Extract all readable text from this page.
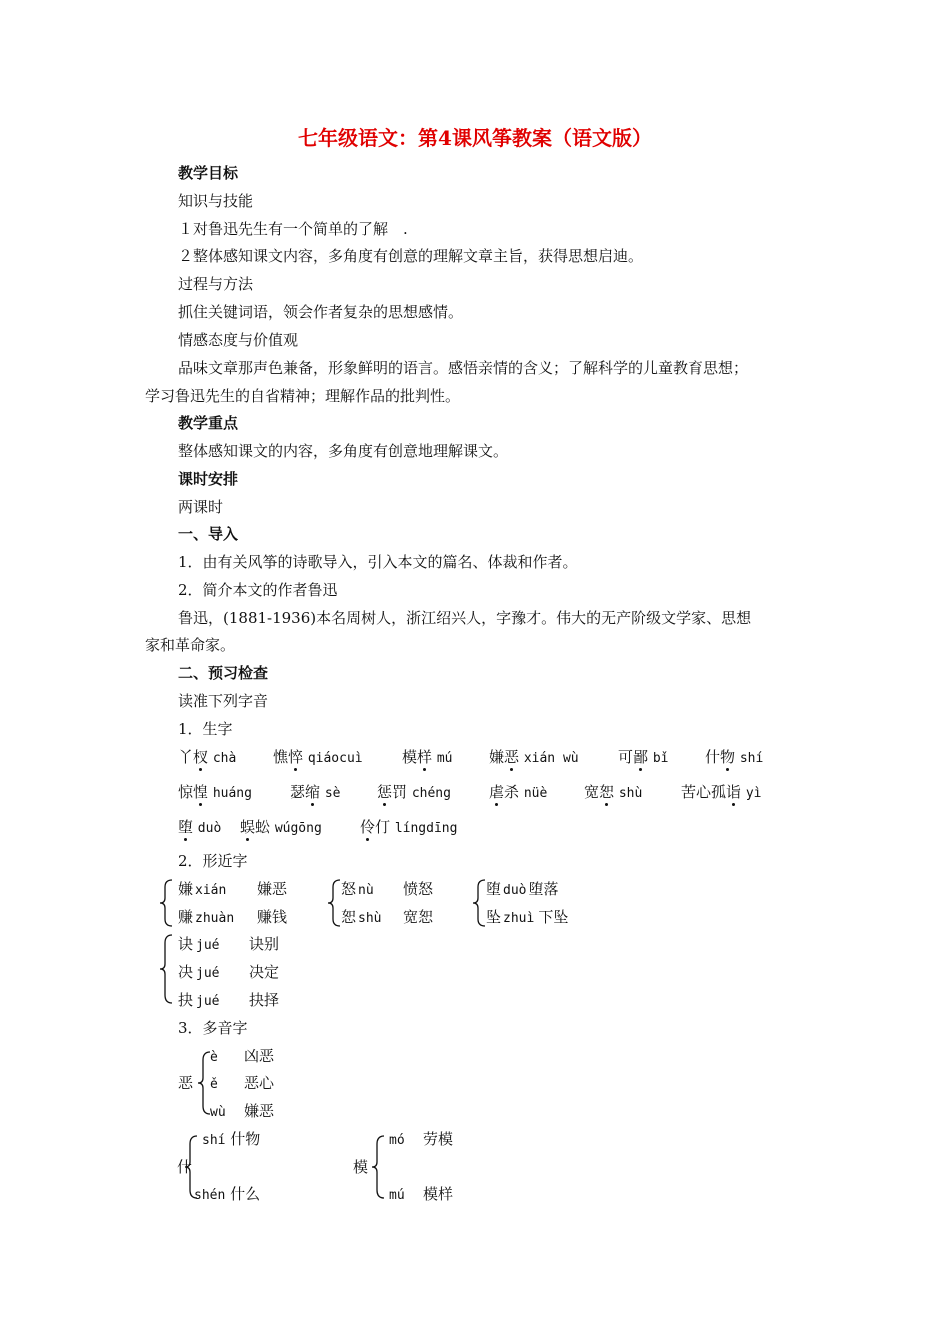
七年级语文：第4课风筝教案（语文版）
教学目标
知识与技能
１对鲁迅先生有一个简单的了解　.
２整体感知课文内容，多角度有创意的理解文章主旨，获得思想启迪。
过程与方法
抓住关键词语，领会作者复杂的思想感情。
情感态度与价值观
品味文章那声色兼备，形象鲜明的语言。感悟亲情的含义；了解科学的儿童教育思想；
学习鲁迅先生的自省精神；理解作品的批判性。
教学重点
整体感知课文的内容，多角度有创意地理解课文。
课时安排
两课时
一、导入
1．由有关风筝的诗歌导入，引入本文的篇名、体裁和作者。
2．简介本文的作者鲁迅
鲁迅，(1881-1936)本名周树人，浙江绍兴人，字豫才。伟大的无产阶级文学家、思想
家和革命家。
二、预习检查
读准下列字音
1．生字
丫杈 chà 憔悴 qiáocuì	模样 mú 嫌恶 xián wù	可鄙 bǐ 什物 shí
惊惶 huáng	瑟缩 sè 惩罚 chéng	虐杀 nüè 宽恕 shù	苦心孤诣 yì
堕 duò 蜈蚣 wúgōng	伶仃 língdīng
2．形近字
嫌 xián 嫌恶
赚 zhuàn 赚钱
怒 nù 愤怒
恕 shù 宽恕
堕 duò 堕落
坠 zhuì 下坠
诀 jué 诀别
决 jué 决定
抉 jué 抉择
3．多音字
恶
è 凶恶
ě 恶心
wù 嫌恶
什
shí 什物
shén 什么
模
mó 劳模
mú 模样
